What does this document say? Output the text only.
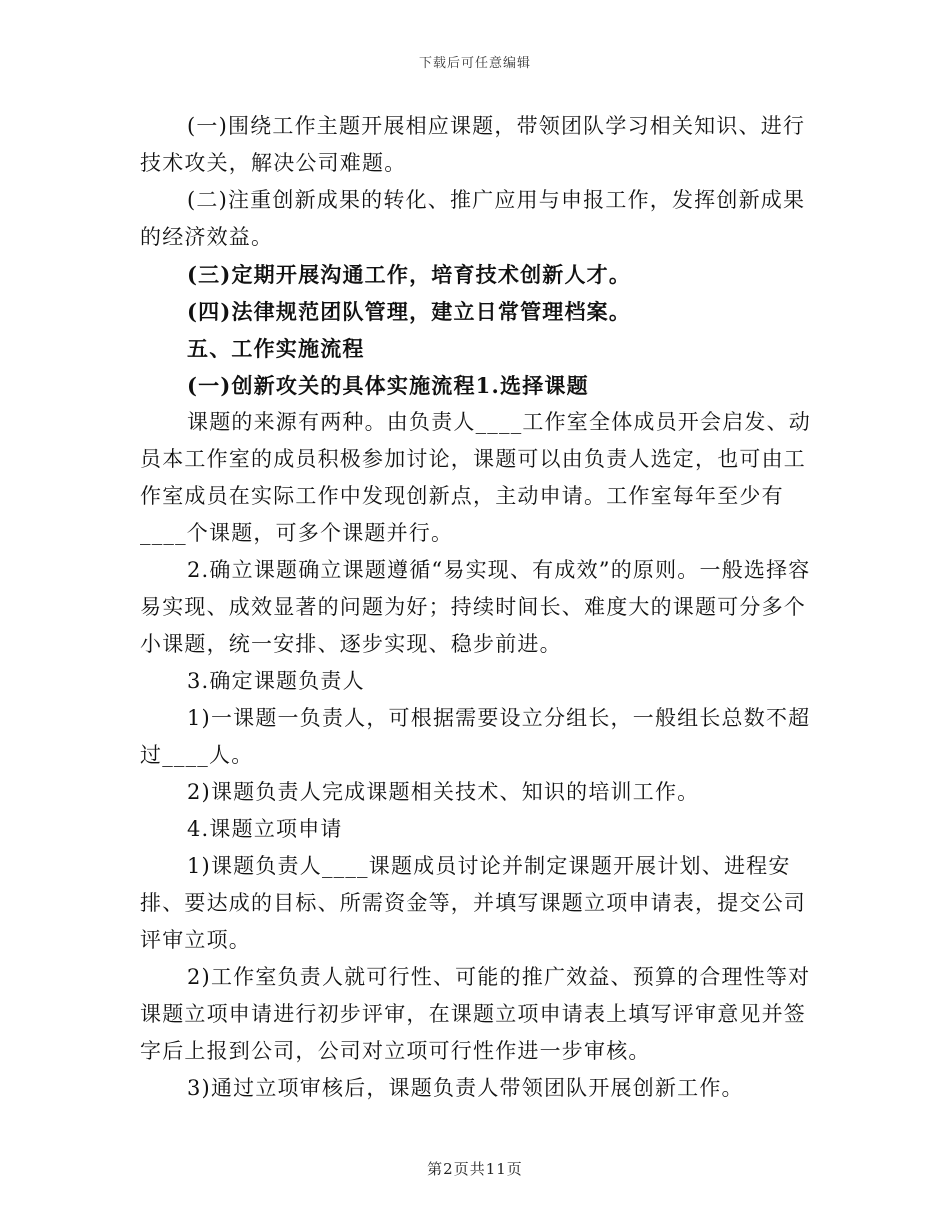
下载后可任意编辑

(一)围绕工作主题开展相应课题，带领团队学习相关知识、进行技术攻关，解决公司难题。

(二)注重创新成果的转化、推广应用与申报工作，发挥创新成果的经济效益。

(三)定期开展沟通工作，培育技术创新人才。

(四)法律规范团队管理，建立日常管理档案。

五、工作实施流程

(一)创新攻关的具体实施流程1.选择课题

课题的来源有两种。由负责人____工作室全体成员开会启发、动员本工作室的成员积极参加讨论，课题可以由负责人选定，也可由工作室成员在实际工作中发现创新点，主动申请。工作室每年至少有____个课题，可多个课题并行。

2.确立课题确立课题遵循“易实现、有成效”的原则。一般选择容易实现、成效显著的问题为好；持续时间长、难度大的课题可分多个小课题，统一安排、逐步实现、稳步前进。

3.确定课题负责人

1)一课题一负责人，可根据需要设立分组长，一般组长总数不超过____人。

2)课题负责人完成课题相关技术、知识的培训工作。

4.课题立项申请

1)课题负责人____课题成员讨论并制定课题开展计划、进程安排、要达成的目标、所需资金等，并填写课题立项申请表，提交公司评审立项。

2)工作室负责人就可行性、可能的推广效益、预算的合理性等对课题立项申请进行初步评审，在课题立项申请表上填写评审意见并签字后上报到公司，公司对立项可行性作进一步审核。

3)通过立项审核后，课题负责人带领团队开展创新工作。

第2页共11页
